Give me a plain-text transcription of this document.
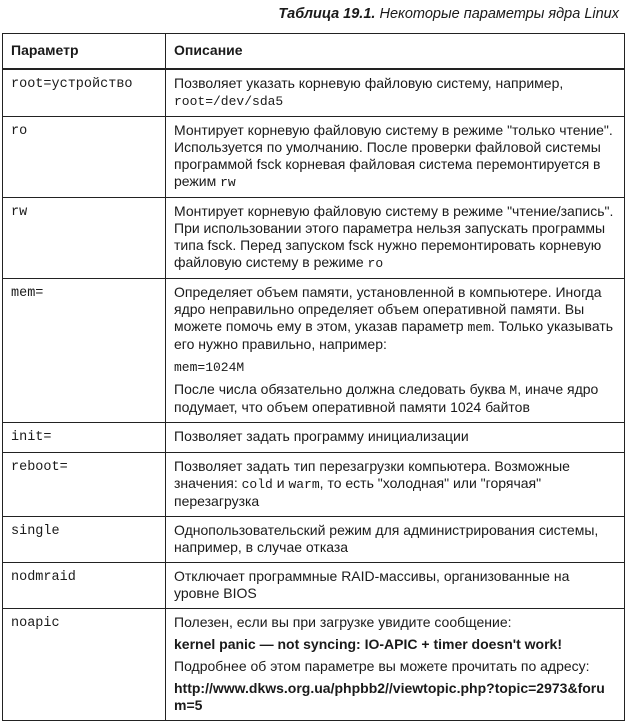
Таблица 19.1. Некоторые параметры ядра Linux
Параметр	Описание
root=устройство	Позволяет указать корневую файловую систему, например,
root=/dev/sda5
ro	Монтирует корневую файловую систему в режиме "только чтение". Используется по умолчанию. После проверки файловой системы программой fsck корневая файловая система перемонтируется в режим rw
rw	Монтирует корневую файловую систему в режиме "чтение/запись". При использовании этого параметра нельзя запускать программы типа fsck. Перед запуском fsck нужно перемонтировать корневую файловую систему в режиме ro
mem=	Определяет объем памяти, установленной в компьютере. Иногда ядро неправильно определяет объем оперативной памяти. Вы можете помочь ему в этом, указав параметр mem. Только указывать его нужно правильно, например:

mem=1024M

После числа обязательно должна следовать буква M, иначе ядро подумает, что объем оперативной памяти 1024 байтов

init=	Позволяет задать программу инициализации
reboot=	Позволяет задать тип перезагрузки компьютера. Возможные значения: cold и warm, то есть "холодная" или "горячая" перезагрузка
single	Однопользовательский режим для администрирования системы, например, в случае отказа
nodmraid	Отключает программные RAID-массивы, организованные на уровне BIOS
noapic	Полезен, если вы при загрузке увидите сообщение:

kernel panic — not syncing: IO-APIC + timer doesn't work!

Подробнее об этом параметре вы можете прочитать по адресу:

http://www.dkws.org.ua/phpbb2//viewtopic.php?topic=2973&forum=5
